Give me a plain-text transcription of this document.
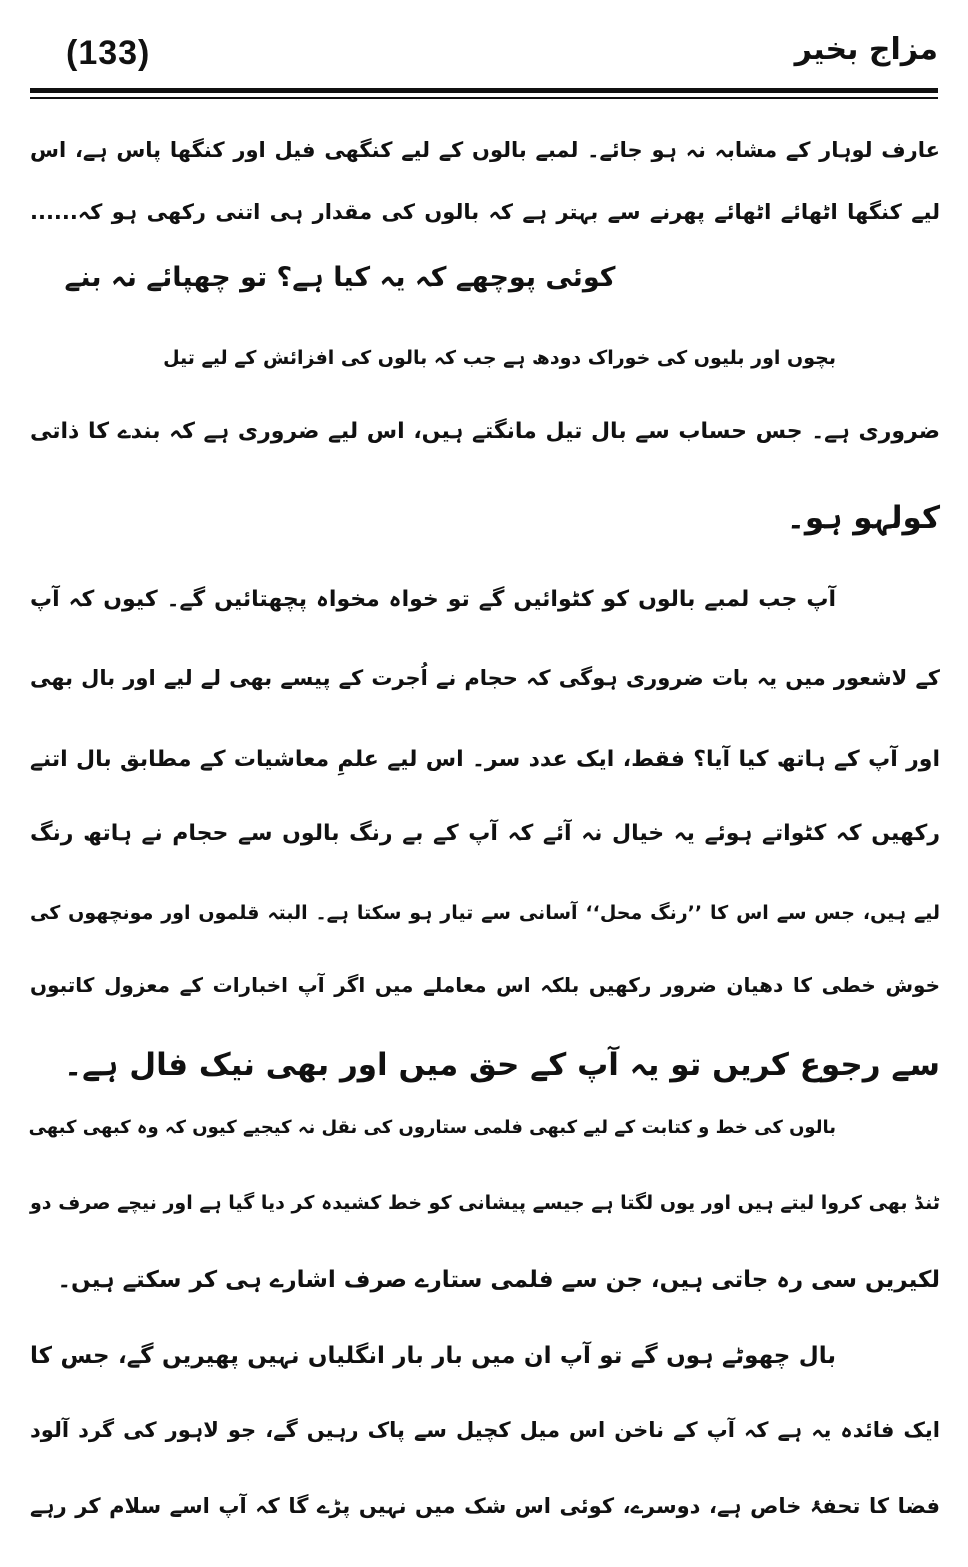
(133)	مزاج بخیر
عارف لوہار کے مشابہ نہ ہو جائے۔ لمبے بالوں کے لیے کنگھی فیل اور کنگھا پاس ہے، اس
لیے کنگھا اٹھائے اٹھائے پھرنے سے بہتر ہے کہ بالوں کی مقدار ہی اتنی رکھی ہو کہ......
کوئی پوچھے کہ یہ کیا ہے؟ تو چھپائے نہ بنے
بچوں اور بلیوں کی خوراک دودھ ہے جب کہ بالوں کی افزائش کے لیے تیل
ضروری ہے۔ جس حساب سے بال تیل مانگتے ہیں، اس لیے ضروری ہے کہ بندے کا ذاتی
کولہو ہو۔
آپ جب لمبے بالوں کو کٹوائیں گے تو خواہ مخواہ پچھتائیں گے۔ کیوں کہ آپ
کے لاشعور میں یہ بات ضروری ہوگی کہ حجام نے اُجرت کے پیسے بھی لے لیے اور بال بھی
اور آپ کے ہاتھ کیا آیا؟ فقط، ایک عدد سر۔ اس لیے علمِ معاشیات کے مطابق بال اتنے
رکھیں کہ کٹواتے ہوئے یہ خیال نہ آئے کہ آپ کے بے رنگ بالوں سے حجام نے ہاتھ رنگ
لیے ہیں، جس سے اس کا ’’رنگ محل‘‘ آسانی سے تیار ہو سکتا ہے۔ البتہ قلموں اور مونچھوں کی
خوش خطی کا دھیان ضرور رکھیں بلکہ اس معاملے میں اگر آپ اخبارات کے معزول کاتبوں
سے رجوع کریں تو یہ آپ کے حق میں اور بھی نیک فال ہے۔
بالوں کی خط و کتابت کے لیے کبھی فلمی ستاروں کی نقل نہ کیجیے کیوں کہ وہ کبھی کبھی
ٹنڈ بھی کروا لیتے ہیں اور یوں لگتا ہے جیسے پیشانی کو خط کشیدہ کر دیا گیا ہے اور نیچے صرف دو
لکیریں سی رہ جاتی ہیں، جن سے فلمی ستارے صرف اشارے ہی کر سکتے ہیں۔
بال چھوٹے ہوں گے تو آپ ان میں بار بار انگلیاں نہیں پھیریں گے، جس کا
ایک فائدہ یہ ہے کہ آپ کے ناخن اس میل کچیل سے پاک رہیں گے، جو لاہور کی گرد آلود
فضا کا تحفۂ خاص ہے، دوسرے، کوئی اس شک میں نہیں پڑے گا کہ آپ اسے سلام کر رہے
